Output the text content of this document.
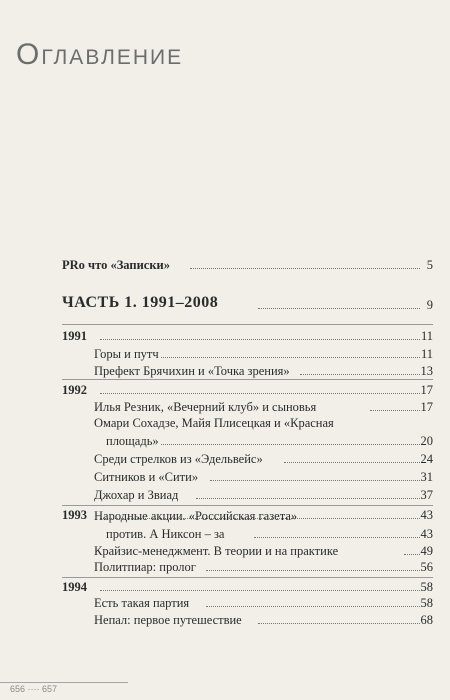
Оглавление
PRo что «Записки»	5
ЧАСТЬ 1. 1991–2008	9
1991	11
Горы и путч	11
Префект Брячихин и «Точка зрения»	13
1992	17
Илья Резник, «Вечерний клуб» и сыновья	17
Омари Сохадзе, Майя Плисецкая и «Красная
площадь»	20
Среди стрелков из «Эдельвейс»	24
Ситников и «Сити»	31
Джохар и Звиад	37
1993	43
Народные акции. «Российская газета»
против. А Никсон – за	43
Крайзис-менеджмент. В теории и на практике	49
Политпиар: пролог	56
1994	58
Есть такая партия	58
Непал: первое путешествие	68
656 ···· 657
